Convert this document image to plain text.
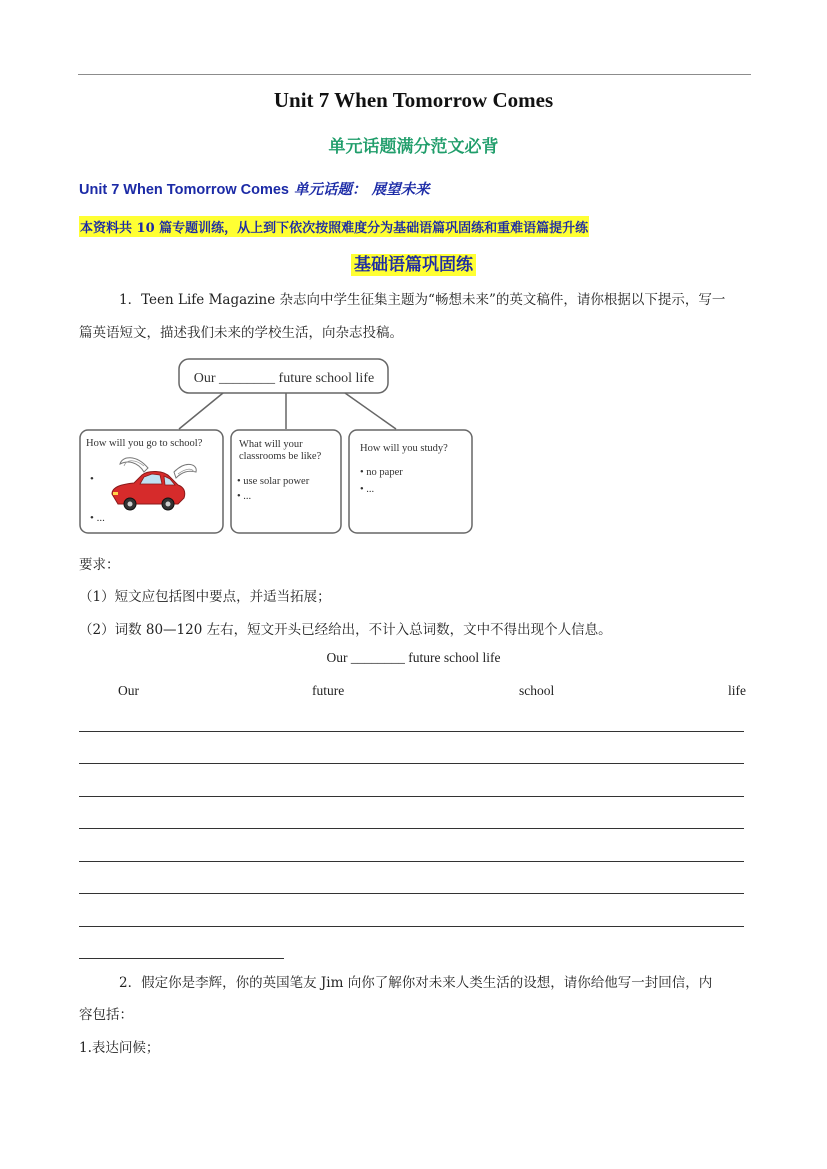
Unit 7 When Tomorrow Comes
单元话题满分范文必背
Unit 7 When Tomorrow Comes 单元话题： 展望未来
本资料共 10 篇专题训练，从上到下依次按照难度分为基础语篇巩固练和重难语篇提升练
基础语篇巩固练
1．Teen Life Magazine 杂志向中学生征集主题为“畅想未来”的英文稿件，请你根据以下提示，写一
篇英语短文，描述我们未来的学校生活，向杂志投稿。
Our ________ future school life
How will you go to school?
•
• ...
What will your
classrooms be like?
• use solar power
• ...
How will you study?
• no paper
• ...
要求：
（1）短文应包括图中要点，并适当拓展；
（2）词数 80—120 左右，短文开头已经给出，不计入总词数，文中不得出现个人信息。
Our ________ future school life
Our	future	school	life
2．假定你是李辉，你的英国笔友 Jim 向你了解你对未来人类生活的设想，请你给他写一封回信，内
容包括：
1.表达问候；
